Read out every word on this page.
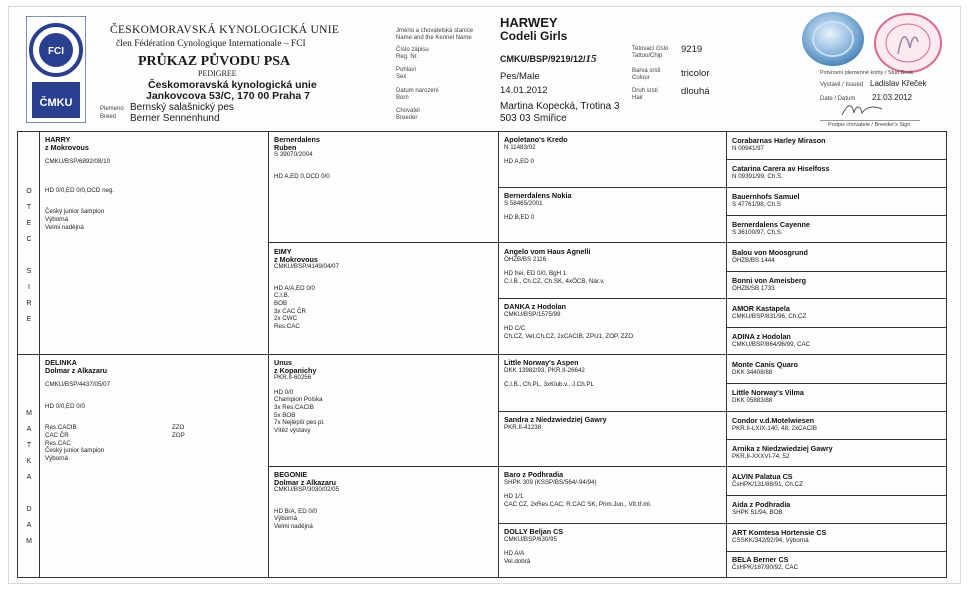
FCI
ČMKU
ČESKOMORAVSKÁ KYNOLOGICKÁ UNIE
člen Fédération Cynologique Internationale – FCI
PRŮKAZ PŮVODU PSA
PEDIGREE
Českomoravská kynologická unie
Jankovcova 53/C, 170 00 Praha 7
Plemeno
Breed
Bernský salašnický pes
Berner Sennenhund
Jméno a chovatelská stanice
Name and the Kennel Name
Číslo zápisu
Reg. Nr.
Pohlaví
Sex
Datum narození
Born
Chovatel
Breeder
HARWEY
Codeli Girls
CMKU/BSP/9219/12/15
Pes/Male
14.01.2012
Martina Kopecká, Trotina 3
503 03 Smiřice
Tetovací číslo
Tattoo/Chip
Barva srsti
Colour
Druh srsti
Hair
9219
tricolor
dlouhá
Potvrzení plemenné knihy / Stud Book
Vystavil / Issued Ladislav Křeček
Date / Datum 21.03.2012
Podpis chovatele / Breeder's Sign
O
T
E
C
S
I
R
E
M
A
T
K
A
D
A
M
HARRY
z Mokrovous
CMKU/BSP/6892/08/10
HD 0/0,ED 0/0,OCD neg.
Český junior šampion
Výborná
Velmi nadějná
DELINKA
Dolmar z Alkazaru
CMKU/BSP/4437/05/07
HD 0/0,ED 0/0
Res.CACIB
CAC ČR
Res.CAC
Český junior šampion
Výborná
ZZO
ZOP
Bernerdalens
Ruben
S 39070/2004
HD A,ED 0,OCD 0/0
EIMY
z Mokrovous
CMKU/BSP/4149/04/07
HD A/A,ED 0/0
C.I.B.
BOB
3x CAC ČR
2x CWC
Res.CAC
Unus
z Kopanichy
PKR.II-60256
HD 0/0
Champion Polska
3x Res.CACIB
5x BOB
7x Nejlepší pes pl.
Vítěz výstavy
BEGONIE
Dolmar z Alkazaru
CMKU/BSP/3030/02/05
HD B/A, ED 0/0
Výborná
Velmi nadějná
Apoletano's Kredo
N 11483/02
HD A,ED 0
Bernerdalens Nokia
S 58465/2001
HD B,ED 0
Angelo vom Haus Agnelli
ÖHZB/BS 2116
HD frei, ED 0/0, BgH 1
C.I.B., Ch.CZ, Ch.SK, 4xÖCB, Nár.v.
DANKA z Hodolan
CMKU/BSP/1575/99
HD C/C
Ch.CZ, Vet.Ch.CZ, 2xCACIB, ZPU1, ZOP, ZZO
Little Norway's Aspen
DKK 13982/93, PKR.II-26642
C.I.B., Ch.PL, 3xKlub.v., J.Ch.PL
Sandra z Niedzwiedziej Gawry
PKR.II-41238
Baro z Podhradia
SHPK 309 (KSSP/BS/564/-94/94)
HD 1/1
CAC CZ, 2xRes.CAC, R.CAC SK, Prim.Jun., Vít.tř.ml.
DOLLY Beljan CS
CMKU/BSP/630/95
HD A/A
Vel.dobrá
Corabarnas Harley Mirason
N 00941/97
Catarina Carera av Hiselfoss
N 09391/99, Ch.S.
Bauernhofs Samuel
S 47761/98, Ch.S
Bernerdalens Cayenne
S 36100/97, Ch.S.
Balou von Moosgrund
ÖHZB/BS 1444
Bonni von Ameisberg
ÖHZB/SB 1733
AMOR Kastapela
CMKU/BSP/831/96, Ch.CZ
ADINA z Hodolan
CMKU/BSP/864/96/99, CAC
Monte Canis Quaro
DKK 34408/88
Little Norway's Vilma
DKK 05883/88
Condor v.d.Motelwiesen
PKR.II-LXIX-140, 48, 2xCACIB
Arnika z Niedzwiedziej Gawry
PKR.II-XXXVI-74, 52
ALVIN Palatua CS
ČsHPK/131/88/91, Ch.CZ
Aida z Podhradia
SHPK 51/94, BOB
ART Komtesa Hortensie CS
CSSKK/342/92/94, Výborná
BELA Berner CS
ČsHPK/187/90/92, CAC
